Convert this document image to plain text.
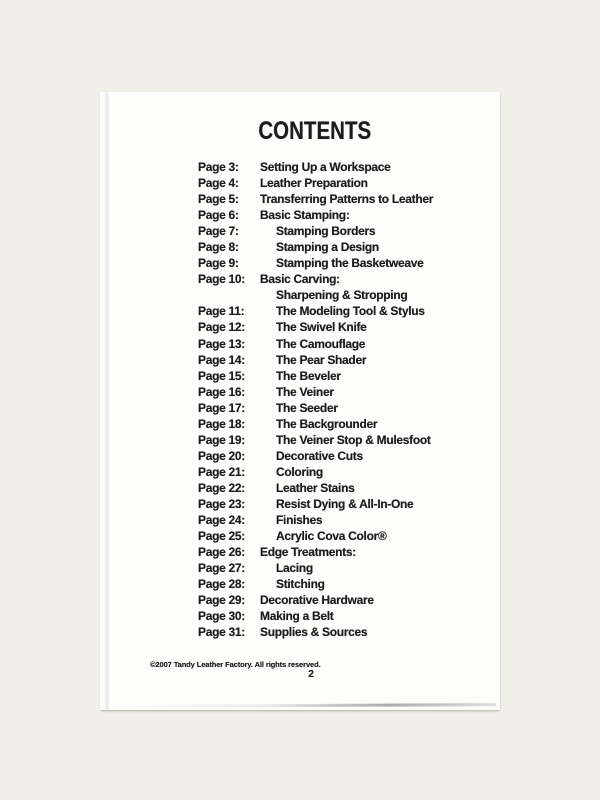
CONTENTS
Page 3:	Setting Up a Workspace
Page 4:	Leather Preparation
Page 5:	Transferring Patterns to Leather
Page 6:	Basic Stamping:
Page 7:	Stamping Borders
Page 8:	Stamping a Design
Page 9:	Stamping the Basketweave
Page 10:	Basic Carving:
Sharpening & Stropping
Page 11:	The Modeling Tool & Stylus
Page 12:	The Swivel Knife
Page 13:	The Camouflage
Page 14:	The Pear Shader
Page 15:	The Beveler
Page 16:	The Veiner
Page 17:	The Seeder
Page 18:	The Backgrounder
Page 19:	The Veiner Stop & Mulesfoot
Page 20:	Decorative Cuts
Page 21:	Coloring
Page 22:	Leather Stains
Page 23:	Resist Dying & All-In-One
Page 24:	Finishes
Page 25:	Acrylic Cova Color®
Page 26:	Edge Treatments:
Page 27:	Lacing
Page 28:	Stitching
Page 29:	Decorative Hardware
Page 30:	Making a Belt
Page 31:	Supplies & Sources
©2007 Tandy Leather Factory. All rights reserved.
2
